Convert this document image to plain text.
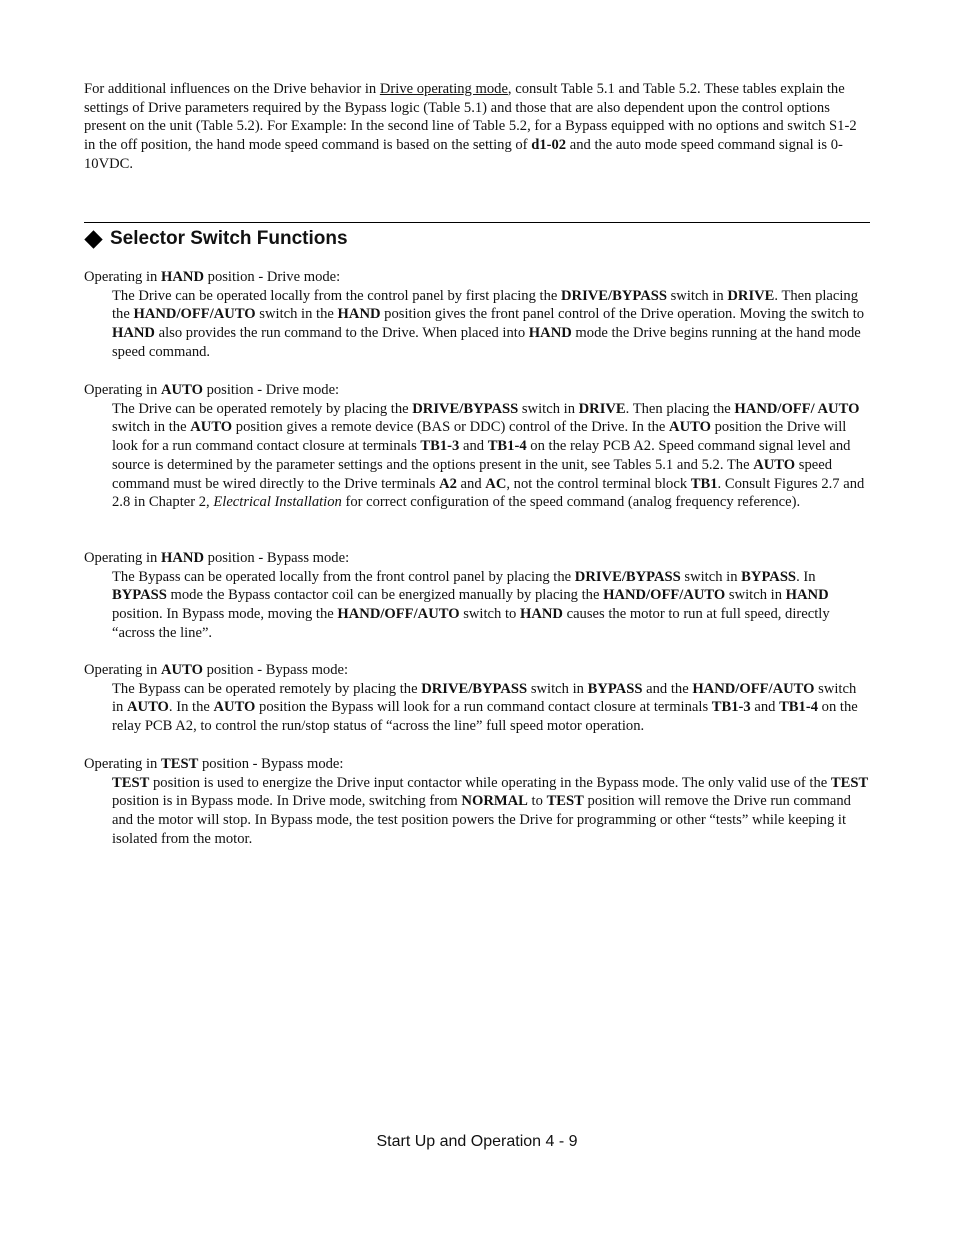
For additional influences on the Drive behavior in Drive operating mode, consult Table 5.1 and Table 5.2. These tables explain the settings of Drive parameters required by the Bypass logic (Table 5.1) and those that are also dependent upon the control options present on the unit (Table 5.2). For Example: In the second line of Table 5.2, for a Bypass equipped with no options and switch S1-2 in the off position, the hand mode speed command is based on the setting of d1-02 and the auto mode speed command signal is 0-10VDC.

Selector Switch Functions

Operating in HAND position - Drive mode:

The Drive can be operated locally from the control panel by first placing the DRIVE/BYPASS switch in DRIVE. Then placing the HAND/OFF/AUTO switch in the HAND position gives the front panel control of the Drive operation. Moving the switch to HAND also provides the run command to the Drive. When placed into HAND mode the Drive begins running at the hand mode speed command.

Operating in AUTO position - Drive mode:

The Drive can be operated remotely by placing the DRIVE/BYPASS switch in DRIVE. Then placing the HAND/OFF/ AUTO switch in the AUTO position gives a remote device (BAS or DDC) control of the Drive. In the AUTO position the Drive will look for a run command contact closure at terminals TB1-3 and TB1-4 on the relay PCB A2. Speed command signal level and source is determined by the parameter settings and the options present in the unit, see Tables 5.1 and 5.2. The AUTO speed command must be wired directly to the Drive terminals A2 and AC, not the control terminal block TB1. Consult Figures 2.7 and 2.8 in Chapter 2, Electrical Installation for correct configuration of the speed command (analog frequency reference).

Operating in HAND position - Bypass mode:

The Bypass can be operated locally from the front control panel by placing the DRIVE/BYPASS switch in BYPASS. In BYPASS mode the Bypass contactor coil can be energized manually by placing the HAND/OFF/AUTO switch in HAND position. In Bypass mode, moving the HAND/OFF/AUTO switch to HAND causes the motor to run at full speed, directly “across the line”.

Operating in AUTO position - Bypass mode:

The Bypass can be operated remotely by placing the DRIVE/BYPASS switch in BYPASS and the HAND/OFF/AUTO switch in AUTO. In the AUTO position the Bypass will look for a run command contact closure at terminals TB1-3 and TB1-4 on the relay PCB A2, to control the run/stop status of “across the line” full speed motor operation.

Operating in TEST position - Bypass mode:

TEST position is used to energize the Drive input contactor while operating in the Bypass mode. The only valid use of the TEST position is in Bypass mode. In Drive mode, switching from NORMAL to TEST position will remove the Drive run command and the motor will stop. In Bypass mode, the test position powers the Drive for programming or other “tests” while keeping it isolated from the motor.

Start Up and Operation 4 - 9
